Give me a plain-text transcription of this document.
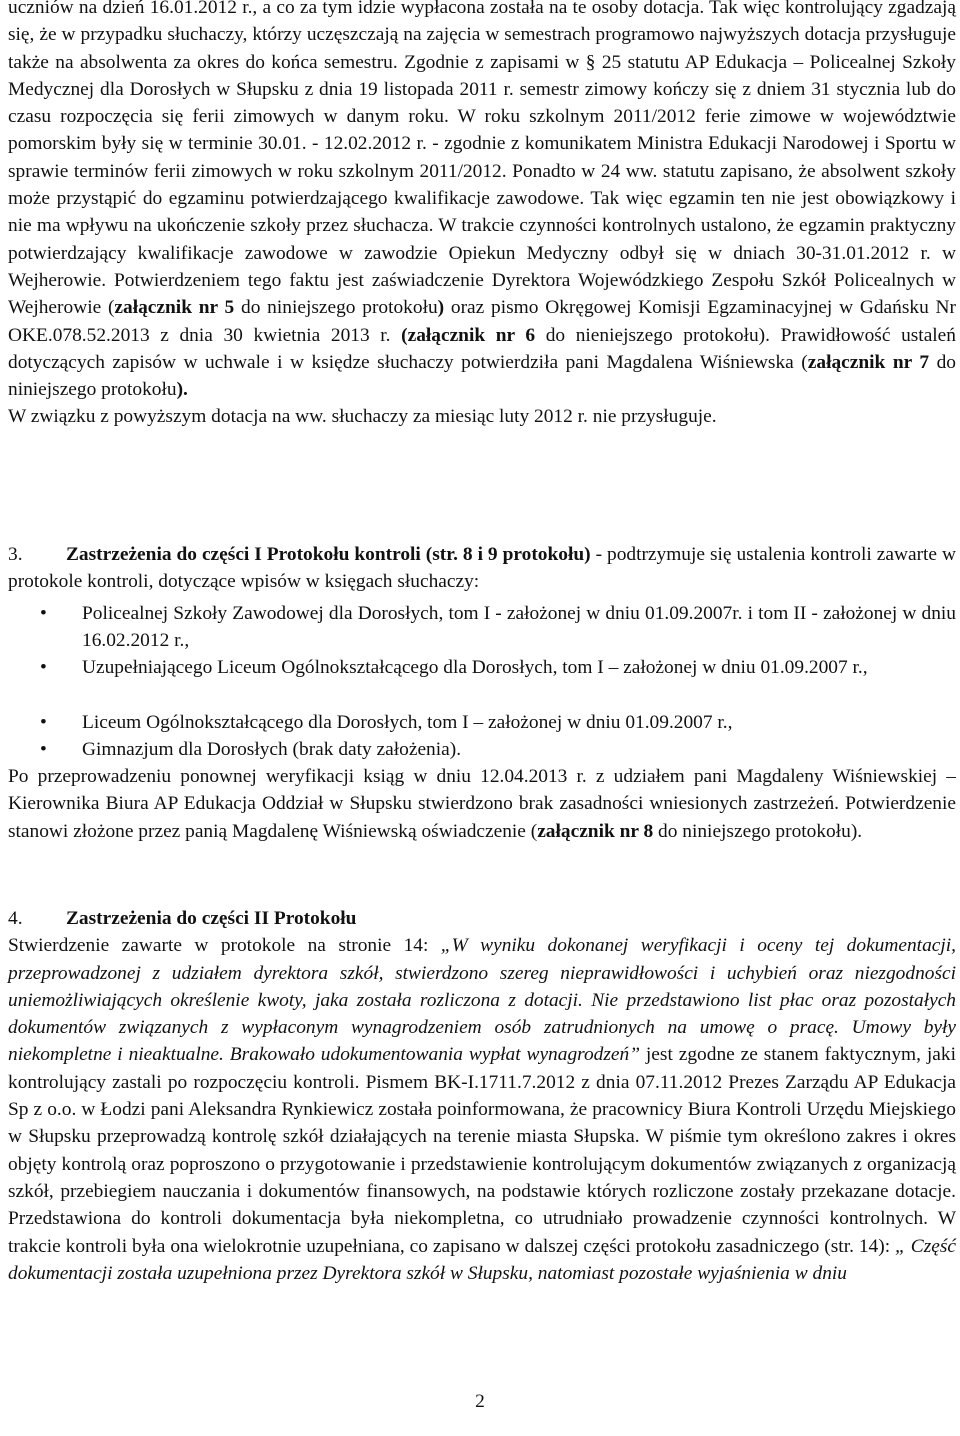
uczniów na dzień 16.01.2012 r., a co za tym idzie wypłacona została na te osoby dotacja. Tak więc kontrolujący zgadzają się, że w przypadku słuchaczy, którzy uczęszczają na zajęcia w semestrach programowo najwyższych dotacja przysługuje także na absolwenta za okres do końca semestru. Zgodnie z zapisami w § 25 statutu AP Edukacja – Policealnej Szkoły Medycznej dla Dorosłych w Słupsku z dnia 19 listopada 2011 r. semestr zimowy kończy się z dniem 31 stycznia lub do czasu rozpoczęcia się ferii zimowych w danym roku. W roku szkolnym 2011/2012 ferie zimowe w województwie pomorskim były się w terminie 30.01. - 12.02.2012 r. - zgodnie z komunikatem Ministra Edukacji Narodowej i Sportu w sprawie terminów ferii zimowych w roku szkolnym 2011/2012. Ponadto w 24 ww. statutu zapisano, że absolwent szkoły może przystąpić do egzaminu potwierdzającego kwalifikacje zawodowe. Tak więc egzamin ten nie jest obowiązkowy i nie ma wpływu na ukończenie szkoły przez słuchacza. W trakcie czynności kontrolnych ustalono, że egzamin praktyczny potwierdzający kwalifikacje zawodowe w zawodzie Opiekun Medyczny odbył się w dniach 30-31.01.2012 r. w Wejherowie. Potwierdzeniem tego faktu jest zaświadczenie Dyrektora Wojewódzkiego Zespołu Szkół Policealnych w Wejherowie (załącznik nr 5 do niniejszego protokołu) oraz pismo Okręgowej Komisji Egzaminacyjnej w Gdańsku Nr OKE.078.52.2013 z dnia 30 kwietnia 2013 r. (załącznik nr 6 do nieniejszego protokołu). Prawidłowość ustaleń dotyczących zapisów w uchwale i w księdze słuchaczy potwierdziła pani Magdalena Wiśniewska (załącznik nr 7 do niniejszego protokołu).
W związku z powyższym dotacja na ww. słuchaczy za miesiąc luty 2012 r. nie przysługuje.
3. Zastrzeżenia do części I Protokołu kontroli (str. 8 i 9 protokołu) - podtrzymuje się ustalenia kontroli zawarte w protokole kontroli, dotyczące wpisów w księgach słuchaczy:
• Policealnej Szkoły Zawodowej dla Dorosłych, tom I - założonej w dniu 01.09.2007r. i tom II - założonej w dniu 16.02.2012 r.,
• Uzupełniającego Liceum Ogólnokształcącego dla Dorosłych, tom I – założonej w dniu 01.09.2007 r.,
• Liceum Ogólnokształcącego dla Dorosłych, tom I – założonej w dniu 01.09.2007 r.,
• Gimnazjum dla Dorosłych (brak daty założenia).
Po przeprowadzeniu ponownej weryfikacji ksiąg w dniu 12.04.2013 r. z udziałem pani Magdaleny Wiśniewskiej – Kierownika Biura AP Edukacja Oddział w Słupsku stwierdzono brak zasadności wniesionych zastrzeżeń. Potwierdzenie stanowi złożone przez panią Magdalenę Wiśniewską oświadczenie (załącznik nr 8 do niniejszego protokołu).
4. Zastrzeżenia do części II Protokołu
Stwierdzenie zawarte w protokole na stronie 14: „W wyniku dokonanej weryfikacji i oceny tej dokumentacji, przeprowadzonej z udziałem dyrektora szkół, stwierdzono szereg nieprawidłowości i uchybień oraz niezgodności uniemożliwiających określenie kwoty, jaka została rozliczona z dotacji. Nie przedstawiono list płac oraz pozostałych dokumentów związanych z wypłaconym wynagrodzeniem osób zatrudnionych na umowę o pracę. Umowy były niekompletne i nieaktualne. Brakowało udokumentowania wypłat wynagrodzeń” jest zgodne ze stanem faktycznym, jaki kontrolujący zastali po rozpoczęciu kontroli. Pismem BK-I.1711.7.2012 z dnia 07.11.2012 Prezes Zarządu AP Edukacja Sp z o.o. w Łodzi pani Aleksandra Rynkiewicz została poinformowana, że pracownicy Biura Kontroli Urzędu Miejskiego w Słupsku przeprowadzą kontrolę szkół działających na terenie miasta Słupska. W piśmie tym określono zakres i okres objęty kontrolą oraz poproszono o przygotowanie i przedstawienie kontrolującym dokumentów związanych z organizacją szkół, przebiegiem nauczania i dokumentów finansowych, na podstawie których rozliczone zostały przekazane dotacje. Przedstawiona do kontroli dokumentacja była niekompletna, co utrudniało prowadzenie czynności kontrolnych. W trakcie kontroli była ona wielokrotnie uzupełniana, co zapisano w dalszej części protokołu zasadniczego (str. 14): „ Część dokumentacji została uzupełniona przez Dyrektora szkół w Słupsku, natomiast pozostałe wyjaśnienia w dniu
2
